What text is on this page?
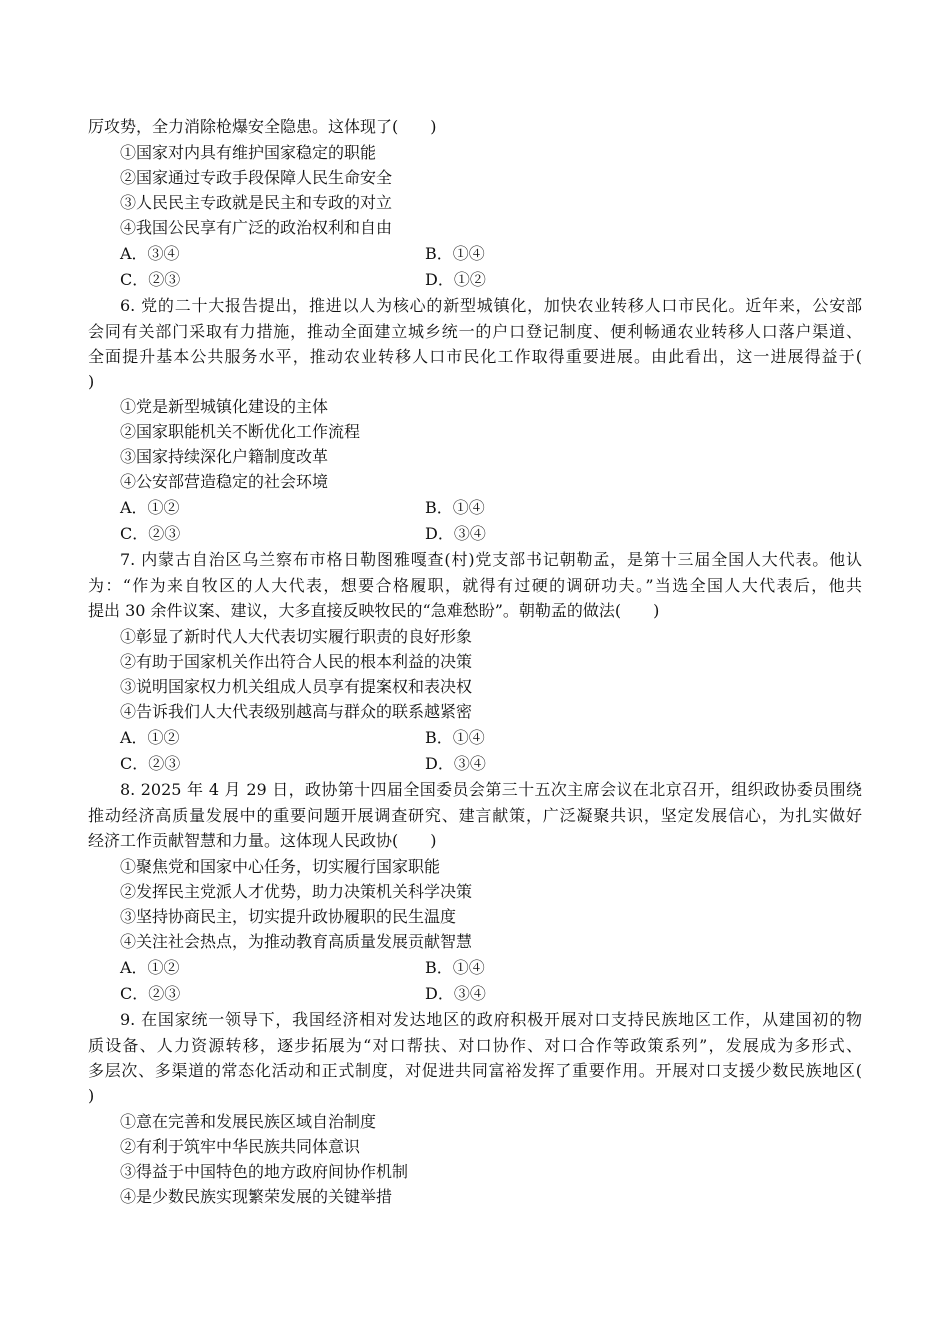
厉攻势，全力消除枪爆安全隐患。这体现了(　　)
①国家对内具有维护国家稳定的职能
②国家通过专政手段保障人民生命安全
③人民民主专政就是民主和专政的对立
④我国公民享有广泛的政治权利和自由
A．③④	B．①④
C．②③	D．①②
6. 党的二十大报告提出，推进以人为核心的新型城镇化，加快农业转移人口市民化。近年来，公安部
会同有关部门采取有力措施，推动全面建立城乡统一的户口登记制度、便利畅通农业转移人口落户渠道、
全面提升基本公共服务水平，推动农业转移人口市民化工作取得重要进展。由此看出，这一进展得益于(
)
①党是新型城镇化建设的主体
②国家职能机关不断优化工作流程
③国家持续深化户籍制度改革
④公安部营造稳定的社会环境
A．①②	B．①④
C．②③	D．③④
7. 内蒙古自治区乌兰察布市格日勒图雅嘎查(村)党支部书记朝勒孟，是第十三届全国人大代表。他认
为：“作为来自牧区的人大代表，想要合格履职，就得有过硬的调研功夫。”当选全国人大代表后，他共
提出 30 余件议案、建议，大多直接反映牧民的“急难愁盼”。朝勒孟的做法(　　)
①彰显了新时代人大代表切实履行职责的良好形象
②有助于国家机关作出符合人民的根本利益的决策
③说明国家权力机关组成人员享有提案权和表决权
④告诉我们人大代表级别越高与群众的联系越紧密
A．①②	B．①④
C．②③	D．③④
8. 2025 年 4 月 29 日，政协第十四届全国委员会第三十五次主席会议在北京召开，组织政协委员围绕
推动经济高质量发展中的重要问题开展调查研究、建言献策，广泛凝聚共识，坚定发展信心，为扎实做好
经济工作贡献智慧和力量。这体现人民政协(　　)
①聚焦党和国家中心任务，切实履行国家职能
②发挥民主党派人才优势，助力决策机关科学决策
③坚持协商民主，切实提升政协履职的民生温度
④关注社会热点，为推动教育高质量发展贡献智慧
A．①②	B．①④
C．②③	D．③④
9. 在国家统一领导下，我国经济相对发达地区的政府积极开展对口支持民族地区工作，从建国初的物
质设备、人力资源转移，逐步拓展为“对口帮扶、对口协作、对口合作等政策系列”，发展成为多形式、
多层次、多渠道的常态化活动和正式制度，对促进共同富裕发挥了重要作用。开展对口支援少数民族地区(
)
①意在完善和发展民族区域自治制度
②有利于筑牢中华民族共同体意识
③得益于中国特色的地方政府间协作机制
④是少数民族实现繁荣发展的关键举措
